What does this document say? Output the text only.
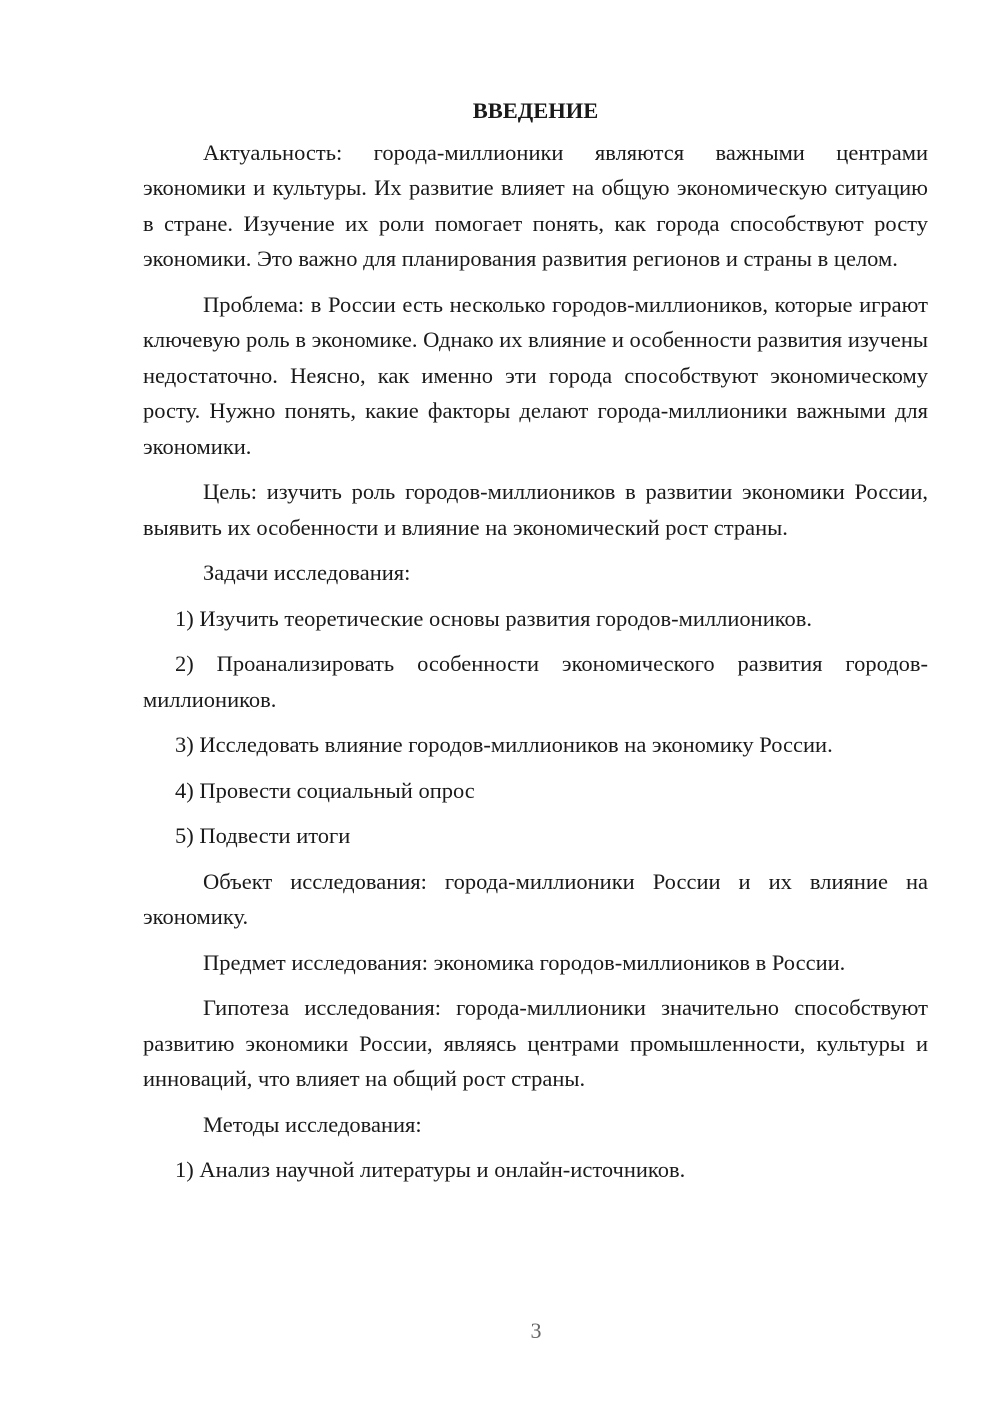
ВВЕДЕНИЕ

Актуальность: города-миллионики являются важными центрами экономики и культуры. Их развитие влияет на общую экономическую ситуацию в стране. Изучение их роли помогает понять, как города способствуют росту экономики. Это важно для планирования развития регионов и страны в целом.

Проблема: в России есть несколько городов-миллиоников, которые играют ключевую роль в экономике. Однако их влияние и особенности развития изучены недостаточно. Неясно, как именно эти города способствуют экономическому росту. Нужно понять, какие факторы делают города-миллионики важными для экономики.

Цель: изучить роль городов-миллиоников в развитии экономики России, выявить их особенности и влияние на экономический рост страны.

Задачи исследования:

1) Изучить теоретические основы развития городов-миллиоников.

2) Проанализировать особенности экономического развития городов-миллиоников.

3) Исследовать влияние городов-миллиоников на экономику России.

4) Провести социальный опрос

5) Подвести итоги

Объект исследования: города-миллионики России и их влияние на экономику.

Предмет исследования: экономика городов-миллиоников в России.

Гипотеза исследования: города-миллионики значительно способствуют развитию экономики России, являясь центрами промышленности, культуры и инноваций, что влияет на общий рост страны.

Методы исследования:

1) Анализ научной литературы и онлайн-источников.

3
